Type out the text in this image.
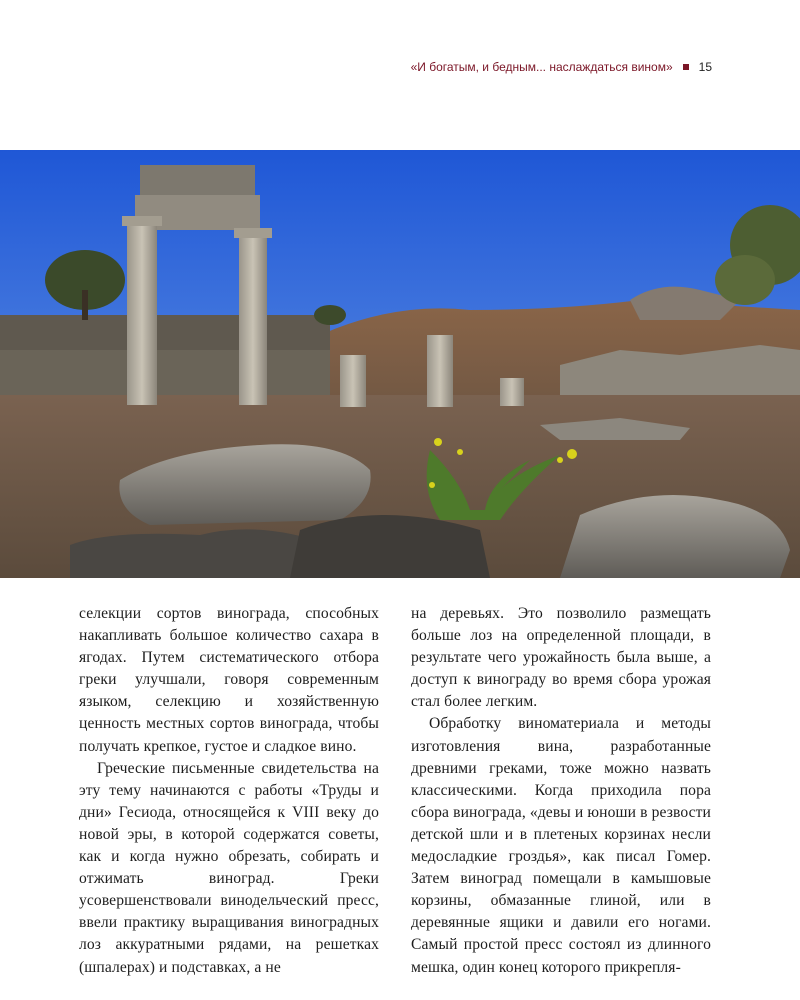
«И богатым, и бедным... наслаждаться вином» 15

селекции сортов винограда, способных накапливать большое количество сахара в ягодах. Путем систематического отбора греки улучшали, говоря современным языком, селекцию и хозяйственную ценность местных сортов винограда, чтобы получать крепкое, густое и сладкое вино.

Греческие письменные свидетельства на эту тему начинаются с работы «Труды и дни» Гесиода, относящейся к VIII веку до новой эры, в которой содержатся советы, как и когда нужно обрезать, собирать и отжимать виноград. Греки усовершенствовали винодельческий пресс, ввели практику выращивания виноградных лоз аккуратными рядами, на решетках (шпалерах) и подставках, а не

на деревьях. Это позволило размещать больше лоз на определенной площади, в результате чего урожайность была выше, а доступ к винограду во время сбора урожая стал более легким.

Обработку виноматериала и методы изготовления вина, разработанные древними греками, тоже можно назвать классическими. Когда приходила пора сбора винограда, «девы и юноши в резвости детской шли и в плетеных корзинах несли медосладкие гроздья», как писал Гомер. Затем виноград помещали в камышовые корзины, обмазанные глиной, или в деревянные ящики и давили его ногами. Самый простой пресс состоял из длинного мешка, один конец которого прикрепля-
